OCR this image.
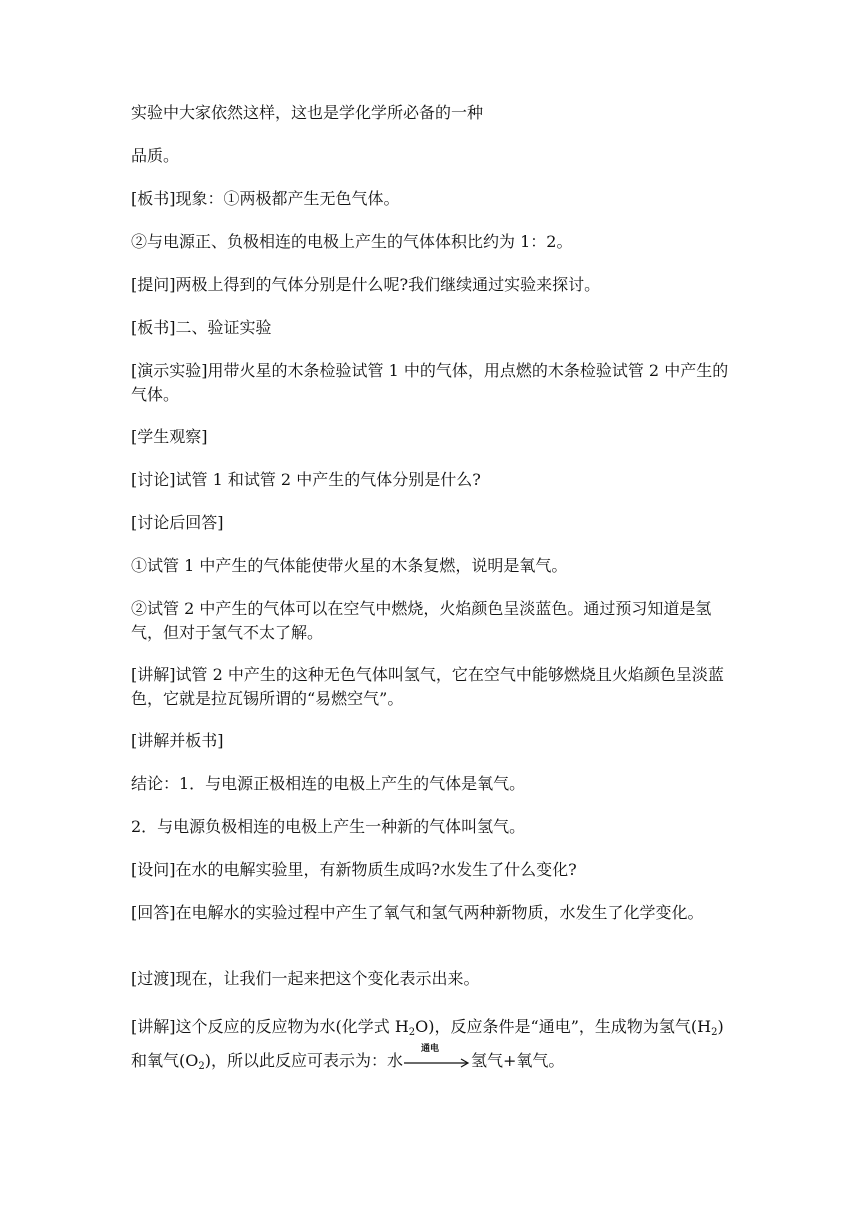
实验中大家依然这样，这也是学化学所必备的一种

品质。

[板书]现象：①两极都产生无色气体。

②与电源正、负极相连的电极上产生的气体体积比约为 1：2。

[提问]两极上得到的气体分别是什么呢?我们继续通过实验来探讨。

[板书]二、验证实验

[演示实验]用带火星的木条检验试管 1 中的气体，用点燃的木条检验试管 2 中产生的气体。

[学生观察]

[讨论]试管 1 和试管 2 中产生的气体分别是什么?

[讨论后回答]

①试管 1 中产生的气体能使带火星的木条复燃，说明是氧气。

②试管 2 中产生的气体可以在空气中燃烧，火焰颜色呈淡蓝色。通过预习知道是氢气，但对于氢气不太了解。

[讲解]试管 2 中产生的这种无色气体叫氢气，它在空气中能够燃烧且火焰颜色呈淡蓝色，它就是拉瓦锡所谓的“易燃空气”。

[讲解并板书]

结论：1．与电源正极相连的电极上产生的气体是氧气。

2．与电源负极相连的电极上产生一种新的气体叫氢气。

[设问]在水的电解实验里，有新物质生成吗?水发生了什么变化?

[回答]在电解水的实验过程中产生了氧气和氢气两种新物质，水发生了化学变化。

[过渡]现在，让我们一起来把这个变化表示出来。

[讲解]这个反应的反应物为水(化学式 $H_2O$)，反应条件是“通电”，生成物为氢气$(H_2)$和氧气$(O_2)$，所以此反应可表示为：水
通电
氢气+氧气。
